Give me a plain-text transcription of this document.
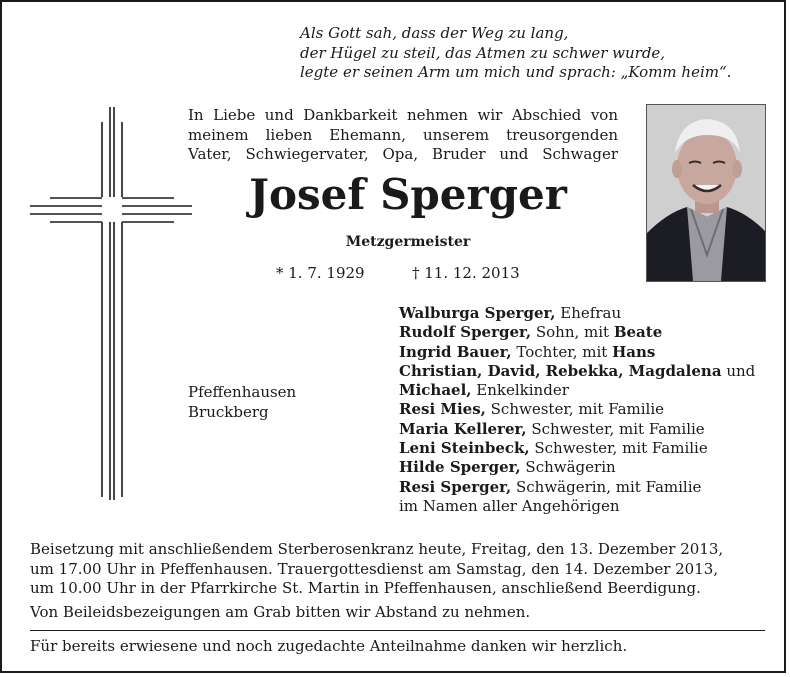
Als Gott sah, dass der Weg zu lang,
der Hügel zu steil, das Atmen zu schwer wurde,
legte er seinen Arm um mich und sprach: „Komm heim“.
In Liebe und Dankbarkeit nehmen wir Abschied von
meinem lieben Ehemann, unserem treusorgenden
Vater, Schwiegervater, Opa, Bruder und Schwager
Josef Sperger
Metzgermeister
* 1. 7. 1929	† 11. 12. 2013
Pfeffenhausen
Bruckberg
Walburga Sperger, Ehefrau
Rudolf Sperger, Sohn, mit Beate
Ingrid Bauer, Tochter, mit Hans
Christian, David, Rebekka, Magdalena und
Michael, Enkelkinder
Resi Mies, Schwester, mit Familie
Maria Kellerer, Schwester, mit Familie
Leni Steinbeck, Schwester, mit Familie
Hilde Sperger, Schwägerin
Resi Sperger, Schwägerin, mit Familie
im Namen aller Angehörigen
Beisetzung mit anschließendem Sterberosenkranz heute, Freitag, den 13. Dezember 2013,
um 17.00 Uhr in Pfeffenhausen. Trauergottesdienst am Samstag, den 14. Dezember 2013,
um 10.00 Uhr in der Pfarrkirche St. Martin in Pfeffenhausen, anschließend Beerdigung.
Von Beileidsbezeigungen am Grab bitten wir Abstand zu nehmen.
Für bereits erwiesene und noch zugedachte Anteilnahme danken wir herzlich.
